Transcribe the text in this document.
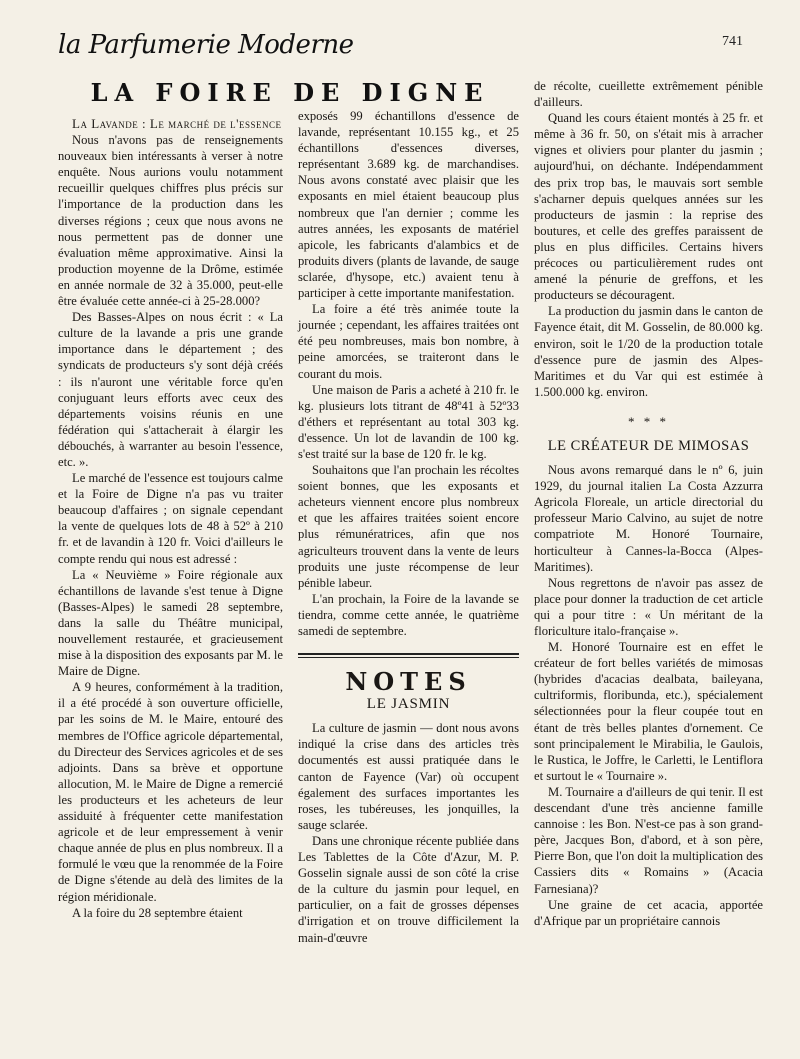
la Parfumerie Moderne	741
LA FOIRE DE DIGNE

La Lavande : Le marché de l'essence

Nous n'avons pas de renseignements nouveaux bien intéressants à verser à notre enquête. Nous aurions voulu notamment recueillir quelques chiffres plus précis sur l'importance de la production dans les diverses régions ; ceux que nous avons ne nous permettent pas de donner une évaluation même approximative. Ainsi la production moyenne de la Drôme, estimée en année normale de 32 à 35.000, peut-elle être évaluée cette année-ci à 25-28.000?

Des Basses-Alpes on nous écrit : « La culture de la lavande a pris une grande importance dans le département ; des syndicats de producteurs s'y sont déjà créés : ils n'auront une véritable force qu'en conjuguant leurs efforts avec ceux des départements voisins réunis en une fédération qui s'attacherait à élargir les débouchés, à warranter au besoin l'essence, etc. ».

Le marché de l'essence est toujours calme et la Foire de Digne n'a pas vu traiter beaucoup d'affaires ; on signale cependant la vente de quelques lots de 48 à 52º à 210 fr. et de lavandin à 120 fr. Voici d'ailleurs le compte rendu qui nous est adressé :

La « Neuvième » Foire régionale aux échantillons de lavande s'est tenue à Digne (Basses-Alpes) le samedi 28 septembre, dans la salle du Théâtre municipal, nouvellement restaurée, et gracieusement mise à la disposition des exposants par M. le Maire de Digne.

A 9 heures, conformément à la tradition, il a été procédé à son ouverture officielle, par les soins de M. le Maire, entouré des membres de l'Office agricole départemental, du Directeur des Services agricoles et de ses adjoints. Dans sa brève et opportune allocution, M. le Maire de Digne a remercié les producteurs et les acheteurs de leur assiduité à fréquenter cette manifestation agricole et de leur empressement à venir chaque année de plus en plus nombreux. Il a formulé le vœu que la renommée de la Foire de Digne s'étende au delà des limites de la région méridionale.

A la foire du 28 septembre étaient

exposés 99 échantillons d'essence de lavande, représentant 10.155 kg., et 25 échantillons d'essences diverses, représentant 3.689 kg. de marchandises. Nous avons constaté avec plaisir que les exposants en miel étaient beaucoup plus nombreux que l'an dernier ; comme les autres années, les exposants de matériel apicole, les fabricants d'alambics et de produits divers (plants de lavande, de sauge sclarée, d'hysope, etc.) avaient tenu à participer à cette importante manifestation.

La foire a été très animée toute la journée ; cependant, les affaires traitées ont été peu nombreuses, mais bon nombre, à peine amorcées, se traiteront dans le courant du mois.

Une maison de Paris a acheté à 210 fr. le kg. plusieurs lots titrant de 48º41 à 52º33 d'éthers et représentant au total 303 kg. d'essence. Un lot de lavandin de 100 kg. s'est traité sur la base de 120 fr. le kg.

Souhaitons que l'an prochain les récoltes soient bonnes, que les exposants et acheteurs viennent encore plus nombreux et que les affaires traitées soient encore plus rémunératrices, afin que nos agriculteurs trouvent dans la vente de leurs produits une juste récompense de leur pénible labeur.

L'an prochain, la Foire de la lavande se tiendra, comme cette année, le quatrième samedi de septembre.

NOTES
LE JASMIN

La culture de jasmin — dont nous avons indiqué la crise dans des articles très documentés est aussi pratiquée dans le canton de Fayence (Var) où occupent également des surfaces importantes les roses, les tubéreuses, les jonquilles, la sauge sclarée.

Dans une chronique récente publiée dans Les Tablettes de la Côte d'Azur, M. P. Gosselin signale aussi de son côté la crise de la culture du jasmin pour lequel, en particulier, on a fait de grosses dépenses d'irrigation et on trouve difficilement la main-d'œuvre

de récolte, cueillette extrêmement pénible d'ailleurs.

Quand les cours étaient montés à 25 fr. et même à 36 fr. 50, on s'était mis à arracher vignes et oliviers pour planter du jasmin ; aujourd'hui, on déchante. Indépendamment des prix trop bas, le mauvais sort semble s'acharner depuis quelques années sur les producteurs de jasmin : la reprise des boutures, et celle des greffes paraissent de plus en plus difficiles. Certains hivers précoces ou particulièrement rudes ont amené la pénurie de greffons, et les producteurs se découragent.

La production du jasmin dans le canton de Fayence était, dit M. Gosselin, de 80.000 kg. environ, soit le 1/20 de la production totale d'essence pure de jasmin des Alpes-Maritimes et du Var qui est estimée à 1.500.000 kg. environ.

* * *
LE CRÉATEUR DE MIMOSAS

Nous avons remarqué dans le nº 6, juin 1929, du journal italien La Costa Azzurra Agricola Floreale, un article directorial du professeur Mario Calvino, au sujet de notre compatriote M. Honoré Tournaire, horticulteur à Cannes-la-Bocca (Alpes-Maritimes).

Nous regrettons de n'avoir pas assez de place pour donner la traduction de cet article qui a pour titre : « Un méritant de la floriculture italo-française ».

M. Honoré Tournaire est en effet le créateur de fort belles variétés de mimosas (hybrides d'acacias dealbata, baileyana, cultriformis, floribunda, etc.), spécialement sélectionnées pour la fleur coupée tout en étant de très belles plantes d'ornement. Ce sont principalement le Mirabilia, le Gaulois, le Rustica, le Joffre, le Carletti, le Lentiflora et surtout le « Tournaire ».

M. Tournaire a d'ailleurs de qui tenir. Il est descendant d'une très ancienne famille cannoise : les Bon. N'est-ce pas à son grand-père, Jacques Bon, d'abord, et à son père, Pierre Bon, que l'on doit la multiplication des Cassiers dits « Romains » (Acacia Farnesiana)?

Une graine de cet acacia, apportée d'Afrique par un propriétaire cannois
